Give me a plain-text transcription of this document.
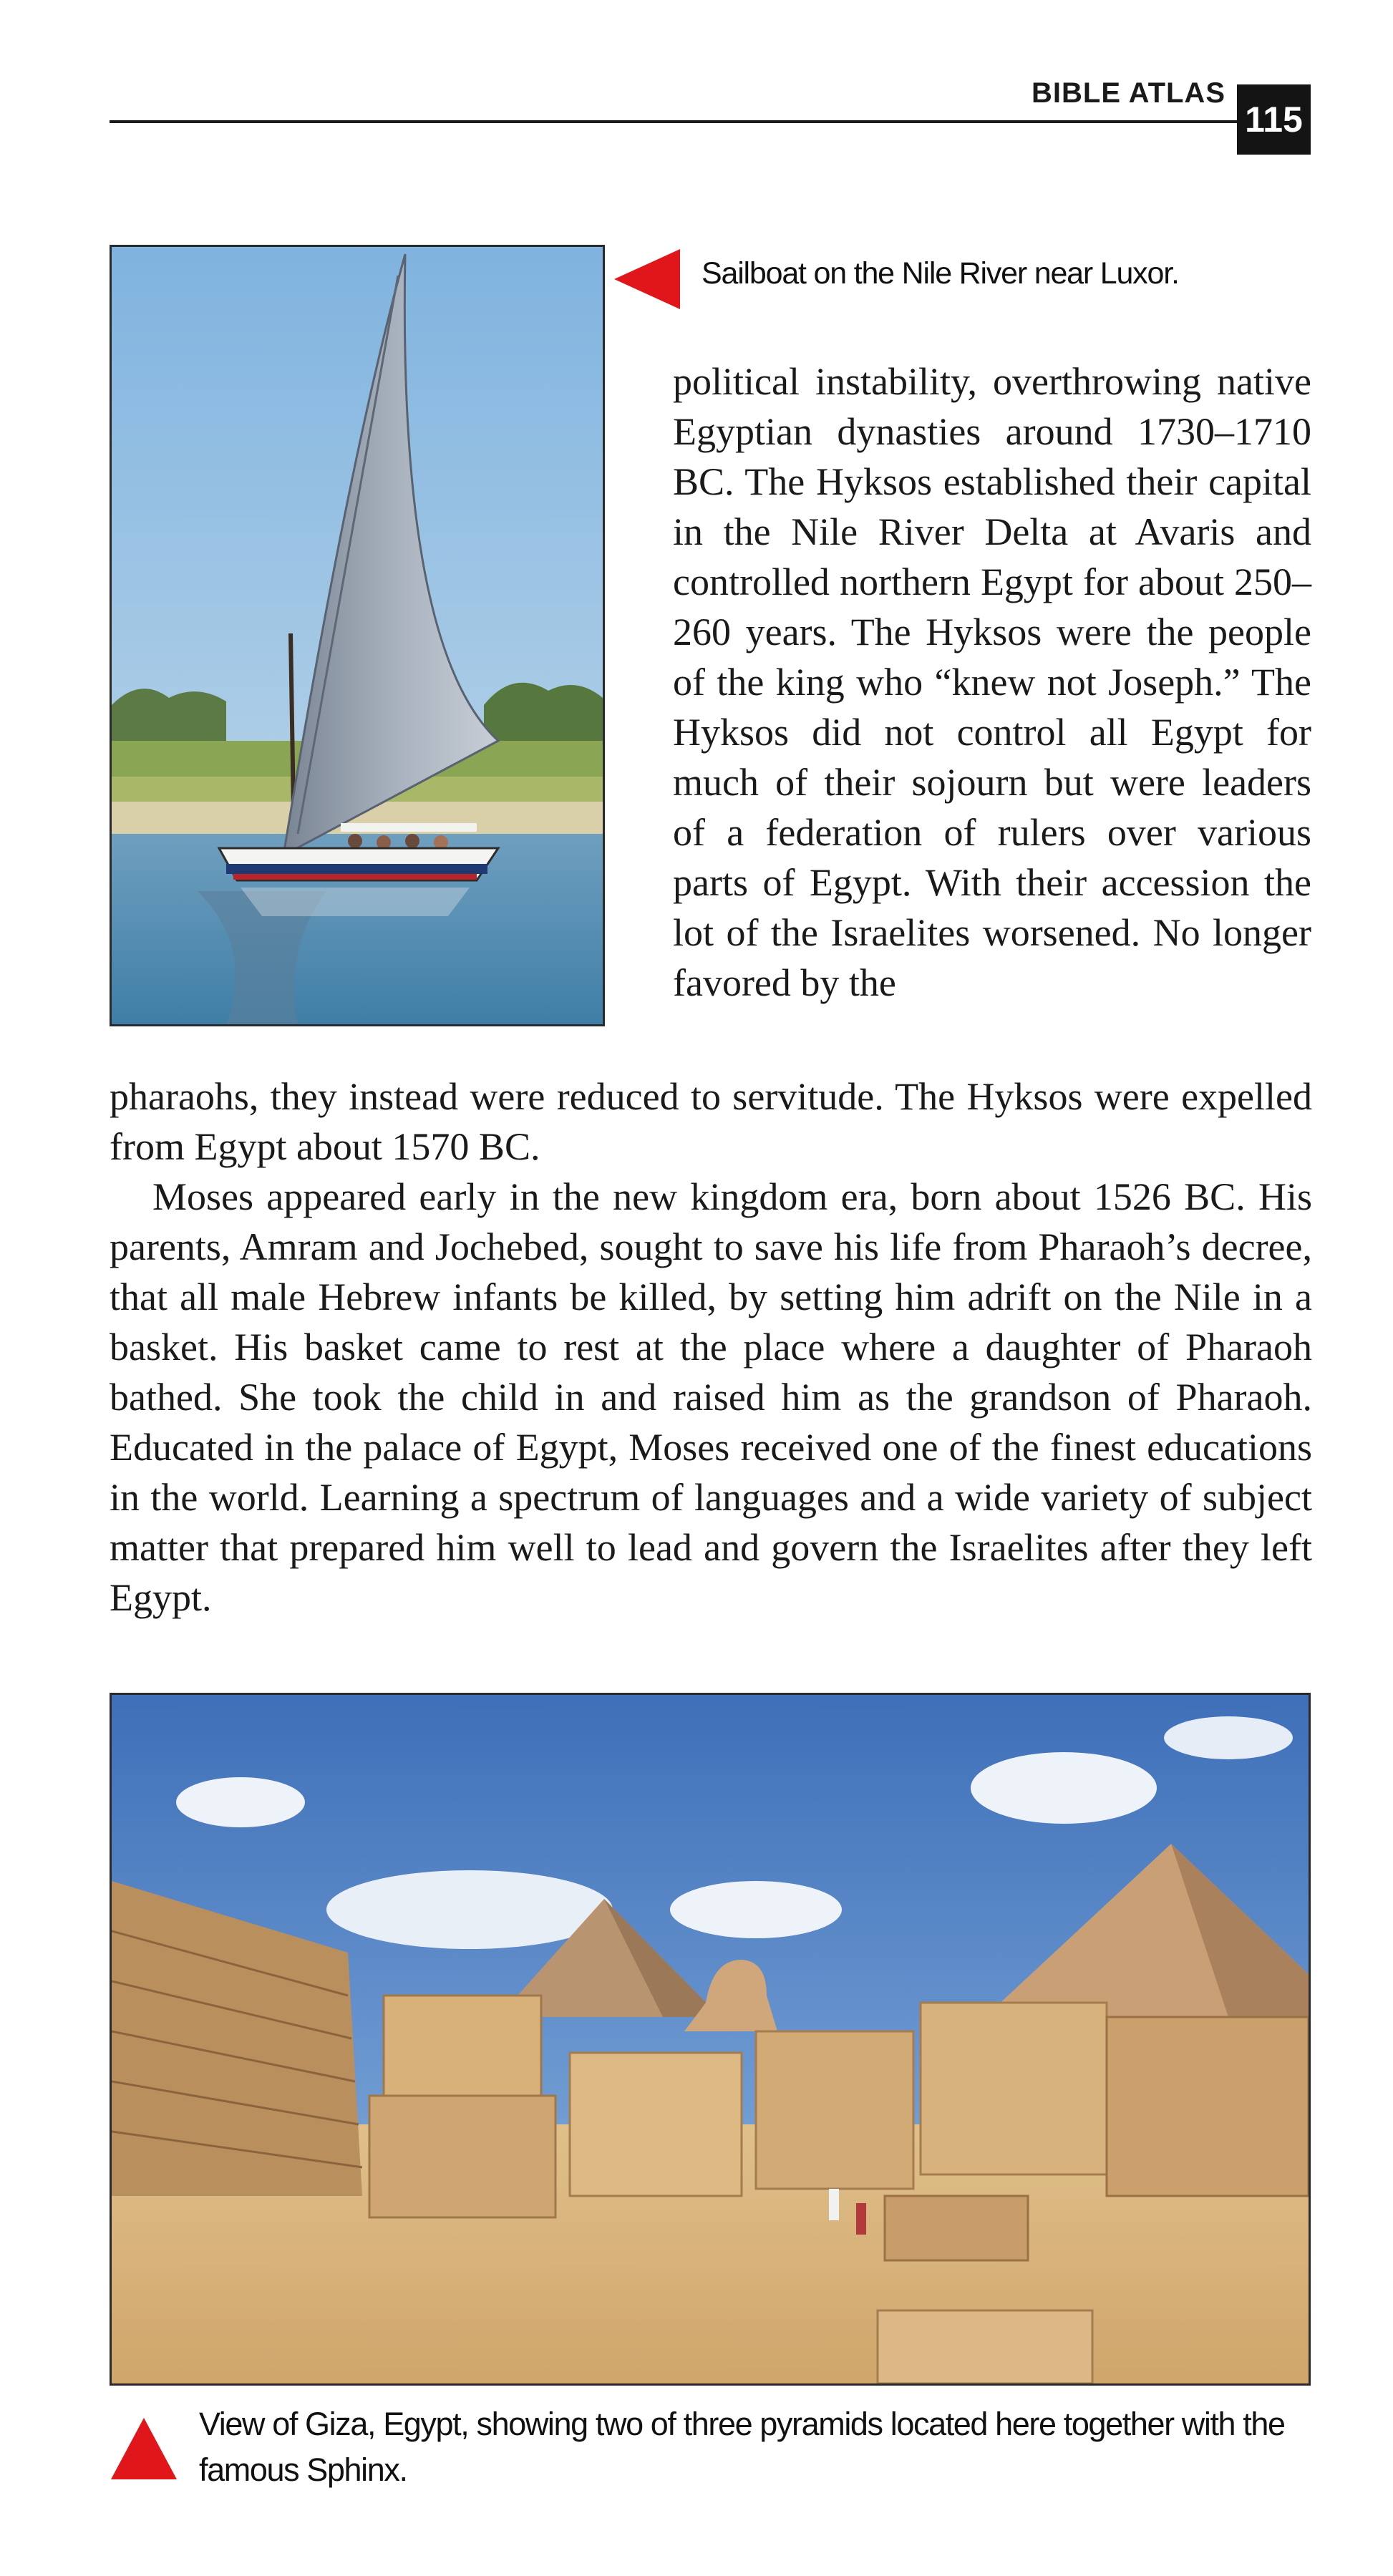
BIBLE ATLAS
115
Sailboat on the Nile River near Luxor.

political instability, overthrowing native Egyptian dynasties around 1730–1710 BC. The Hyksos established their capital in the Nile River Delta at Avaris and controlled northern Egypt for about 250–260 years. The Hyksos were the people of the king who “knew not Joseph.” The Hyksos did not control all Egypt for much of their sojourn but were leaders of a federation of rulers over various parts of Egypt. With their accession the lot of the Israelites worsened. No longer favored by the

pharaohs, they instead were reduced to servitude. The Hyksos were expelled from Egypt about 1570 BC.

Moses appeared early in the new kingdom era, born about 1526 BC. His parents, Amram and Jochebed, sought to save his life from Pharaoh’s decree, that all male Hebrew infants be killed, by setting him adrift on the Nile in a basket. His basket came to rest at the place where a daughter of Pharaoh bathed. She took the child in and raised him as the grandson of Pharaoh. Educated in the palace of Egypt, Moses received one of the finest educations in the world. Learning a spectrum of languages and a wide variety of subject matter that prepared him well to lead and govern the Israelites after they left Egypt.

View of Giza, Egypt, showing two of three pyramids located here together with the famous Sphinx.
